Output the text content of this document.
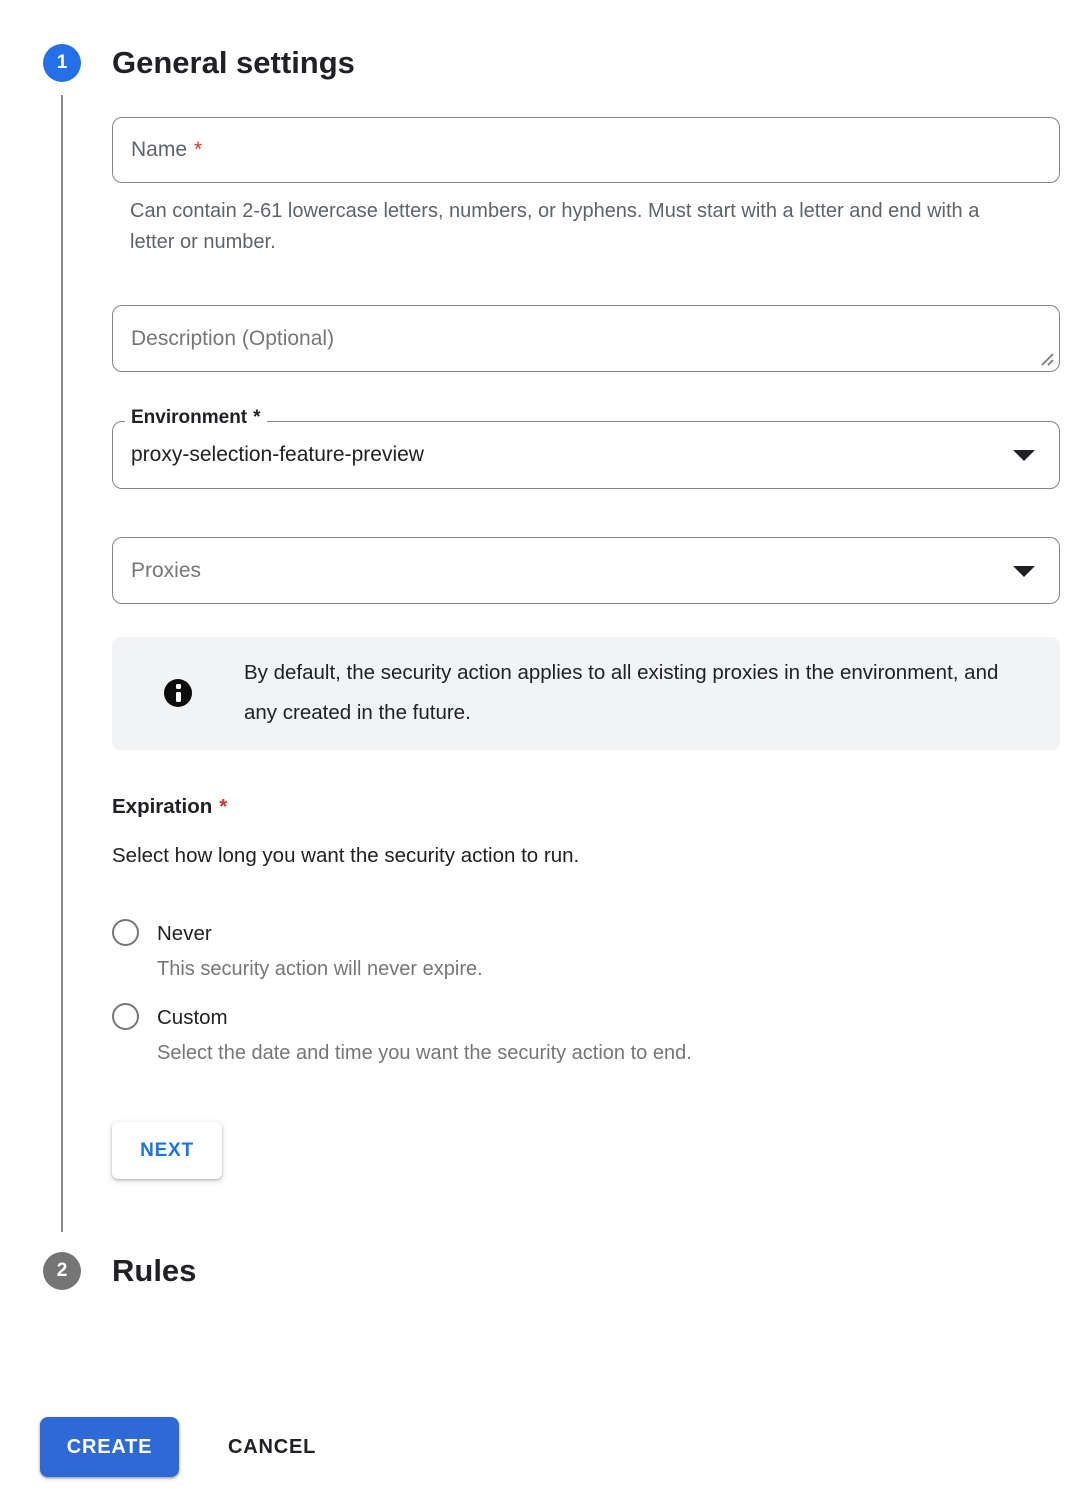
1	General settings
Name *

Can contain 2-61 lowercase letters, numbers, or hyphens. Must start with a letter and end with a letter or number.

Description (Optional)
Environment *
proxy-selection-feature-preview
Proxies

By default, the security action applies to all existing proxies in the environment, and any created in the future.

Expiration *

Select how long you want the security action to run.

Never
This security action will never expire.
Custom
Select the date and time you want the security action to end.
NEXT
2	Rules
CREATE	CANCEL
